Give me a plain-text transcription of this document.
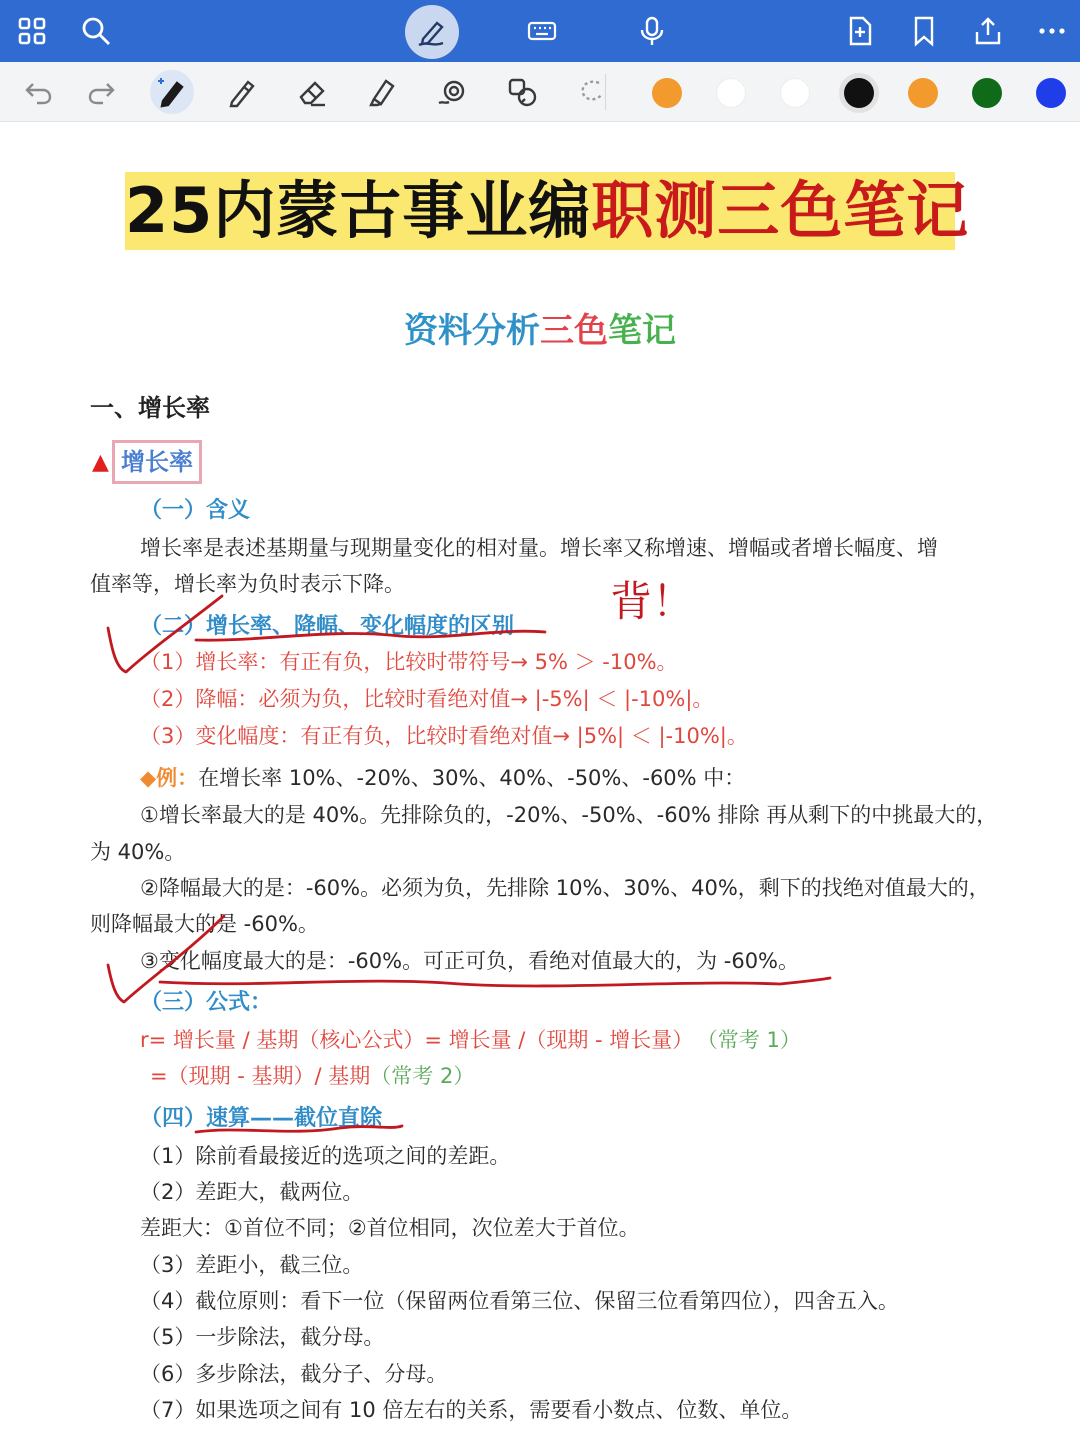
25内蒙古事业编职测三色笔记
资料分析三色笔记
一、增长率
▲ 增长率
（一）含义
增长率是表述基期量与现期量变化的相对量。增长率又称增速、增幅或者增长幅度、增
值率等，增长率为负时表示下降。	背！
（二）增长率、降幅、变化幅度的区别
（1）增长率：有正有负，比较时带符号→ 5% ＞ -10%。
（2）降幅：必须为负，比较时看绝对值→ |-5%| ＜ |-10%|。
（3）变化幅度：有正有负，比较时看绝对值→ |5%| ＜ |-10%|。
◆例：在增长率 10%、-20%、30%、40%、-50%、-60% 中：
①增长率最大的是 40%。先排除负的，-20%、-50%、-60% 排除 再从剩下的中挑最大的，
为 40%。
②降幅最大的是：-60%。必须为负，先排除 10%、30%、40%，剩下的找绝对值最大的，
则降幅最大的是 -60%。
③变化幅度最大的是：-60%。可正可负，看绝对值最大的，为 -60%。
（三）公式：
r= 增长量 / 基期（核心公式）= 增长量 /（现期 - 增长量） （常考 1）
=（现期 - 基期）/ 基期（常考 2）
（四）速算——截位直除
（1）除前看最接近的选项之间的差距。
（2）差距大，截两位。
差距大：①首位不同；②首位相同，次位差大于首位。
（3）差距小，截三位。
（4）截位原则：看下一位（保留两位看第三位、保留三位看第四位），四舍五入。
（5）一步除法，截分母。
（6）多步除法，截分子、分母。
（7）如果选项之间有 10 倍左右的关系，需要看小数点、位数、单位。
